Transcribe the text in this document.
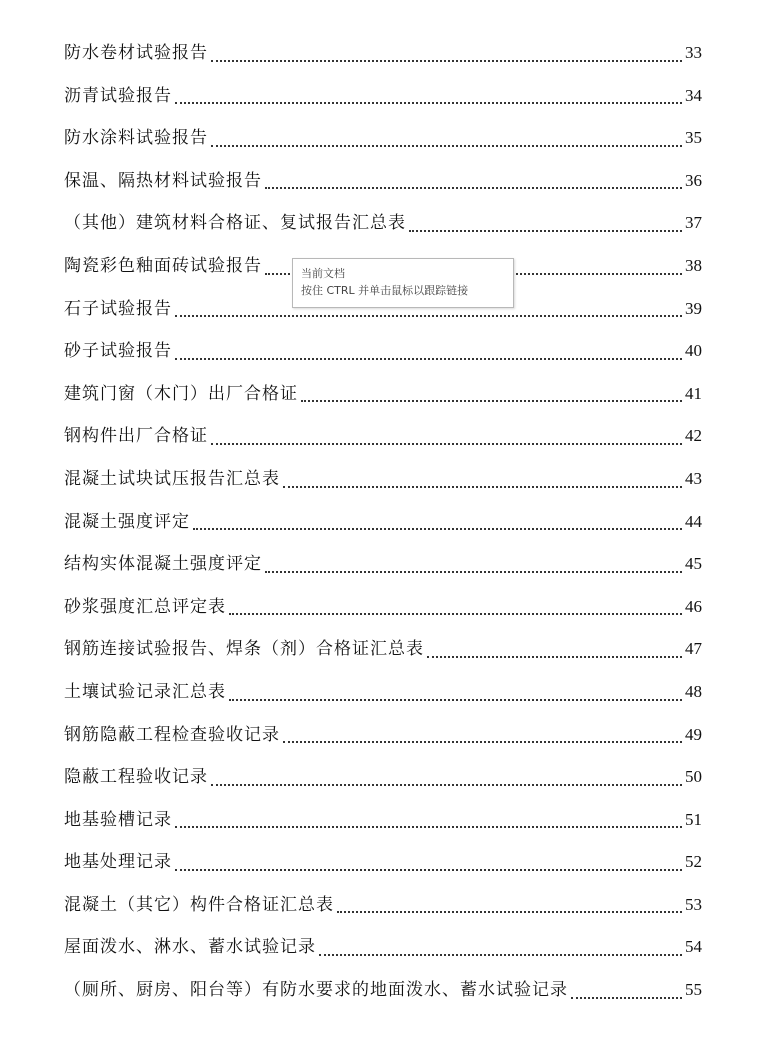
防水卷材试验报告	33
沥青试验报告	34
防水涂料试验报告	35
保温、隔热材料试验报告	36
（其他）建筑材料合格证、复试报告汇总表	37
陶瓷彩色釉面砖试验报告	38
石子试验报告	39
砂子试验报告	40
建筑门窗（木门）出厂合格证	41
钢构件出厂合格证	42
混凝土试块试压报告汇总表	43
混凝土强度评定	44
结构实体混凝土强度评定	45
砂浆强度汇总评定表	46
钢筋连接试验报告、焊条（剂）合格证汇总表	47
土壤试验记录汇总表	48
钢筋隐蔽工程检查验收记录	49
隐蔽工程验收记录	50
地基验槽记录	51
地基处理记录	52
混凝土（其它）构件合格证汇总表	53
屋面泼水、淋水、蓄水试验记录	54
（厕所、厨房、阳台等）有防水要求的地面泼水、蓄水试验记录	55
当前文档
按住 CTRL 并单击鼠标以跟踪链接
